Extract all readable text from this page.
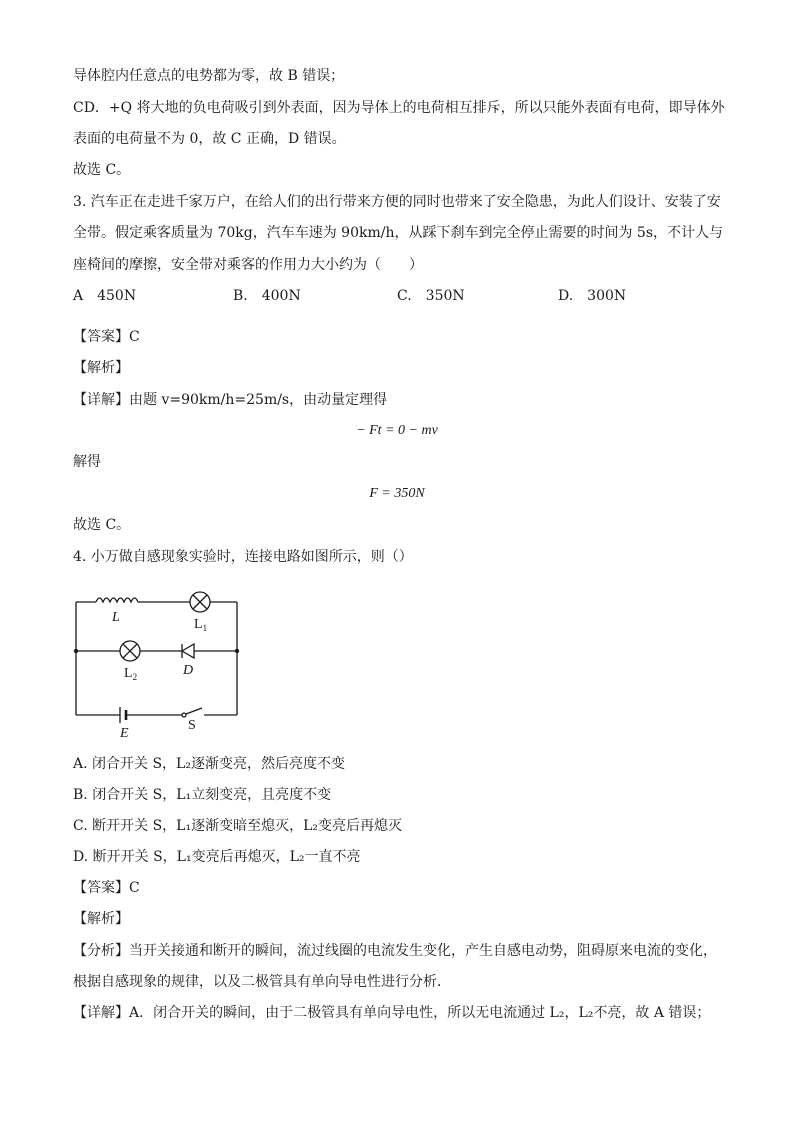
导体腔内任意点的电势都为零，故 B 错误；
CD．+Q 将大地的负电荷吸引到外表面，因为导体上的电荷相互排斥，所以只能外表面有电荷，即导体外
表面的电荷量不为 0，故 C 正确，D 错误。
故选 C。
3. 汽车正在走进千家万户，在给人们的出行带来方便的同时也带来了安全隐患，为此人们设计、安装了安
全带。假定乘客质量为 70kg，汽车车速为 90km/h，从踩下刹车到完全停止需要的时间为 5s，不计人与
座椅间的摩擦，安全带对乘客的作用力大小约为（　　）
A　450N	B.　400N	C.　350N	D.　300N
【答案】C
【解析】
【详解】由题 v=90km/h=25m/s，由动量定理得
− Ft = 0 − mv
解得
F = 350N
故选 C。
4. 小万做自感现象实验时，连接电路如图所示，则（）
L	$L_1$
$L_2$	D
E
S
A. 闭合开关 S，L₂逐渐变亮，然后亮度不变
B. 闭合开关 S，L₁立刻变亮，且亮度不变
C. 断开开关 S，L₁逐渐变暗至熄灭，L₂变亮后再熄灭
D. 断开开关 S，L₁变亮后再熄灭，L₂一直不亮
【答案】C
【解析】
【分析】当开关接通和断开的瞬间，流过线圈的电流发生变化，产生自感电动势，阻碍原来电流的变化，
根据自感现象的规律，以及二极管具有单向导电性进行分析．
【详解】A．闭合开关的瞬间，由于二极管具有单向导电性，所以无电流通过 L₂，L₂不亮，故 A 错误；
